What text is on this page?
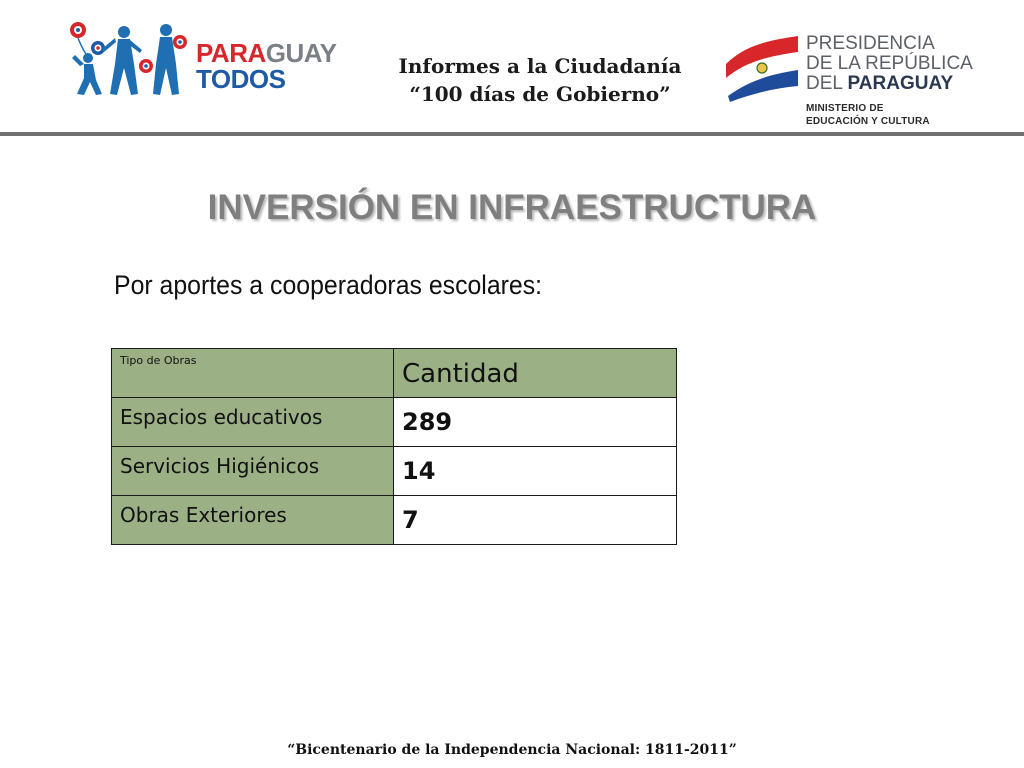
PARAGUAY
TODOS	Informes a la Ciudadanía
“100 días de Gobierno”
PRESIDENCIA
DE LA REPÚBLICA
DEL PARAGUAY
MINISTERIO DE
EDUCACIÓN Y CULTURA
INVERSIÓN EN INFRAESTRUCTURA
Por aportes a cooperadoras escolares:
Tipo de Obras	Cantidad

Espacios educativos	289

Servicios Higiénicos	14

Obras Exteriores	7
“Bicentenario de la Independencia Nacional: 1811-2011”
